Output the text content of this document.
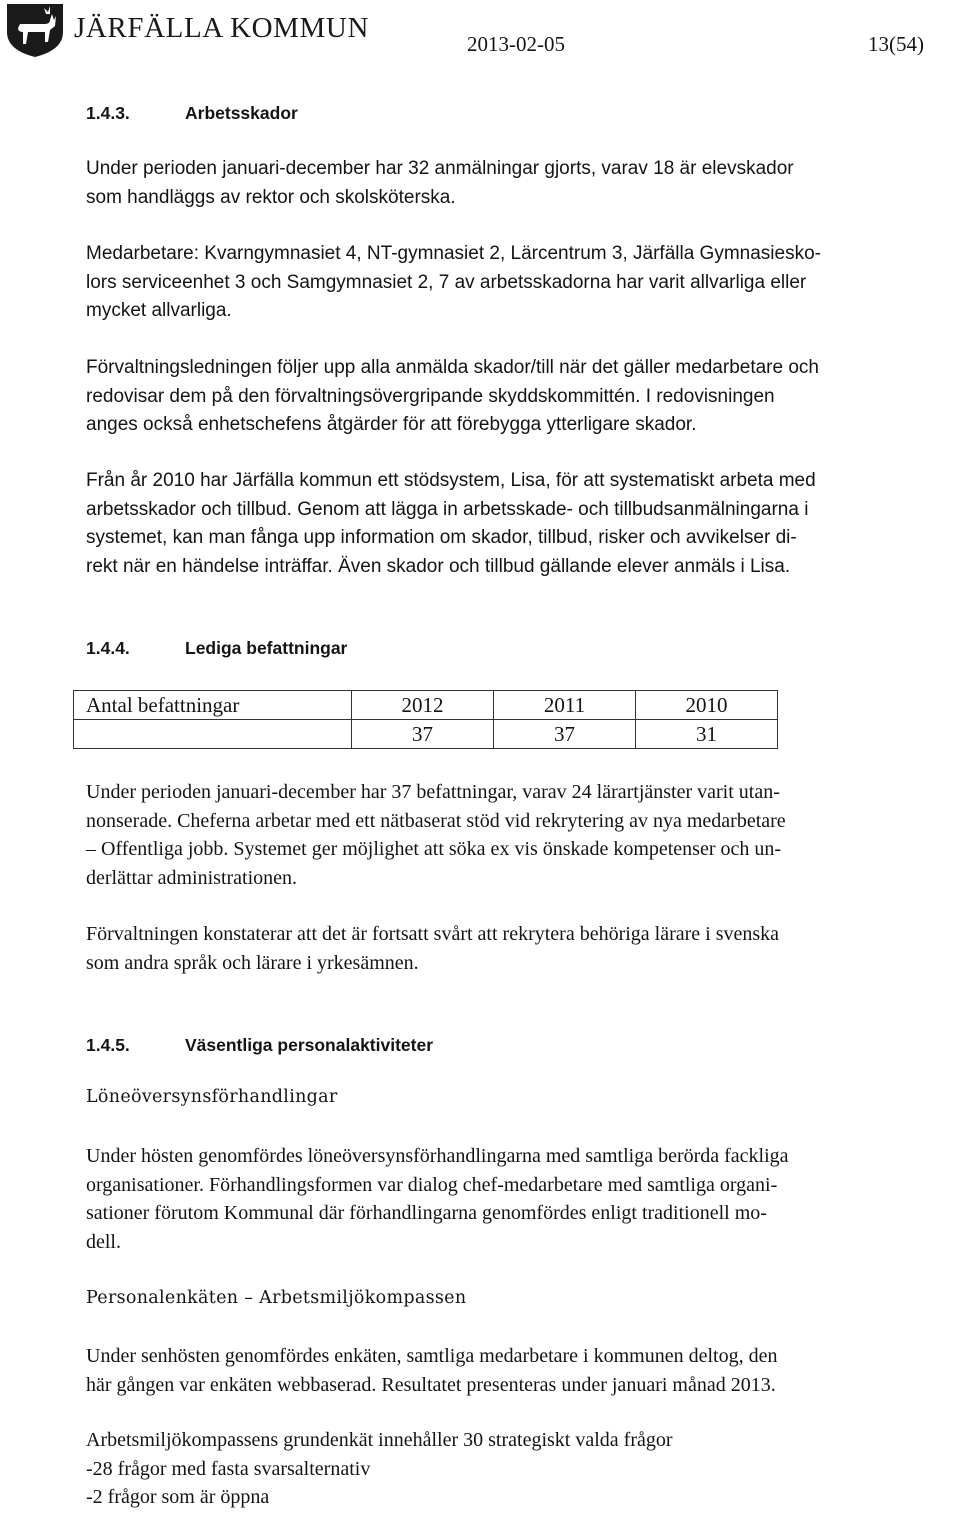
JÄRFÄLLA KOMMUN	2013-02-05	13(54)
1.4.3.	Arbetsskador
Under perioden januari-december har 32 anmälningar gjorts, varav 18 är elevskador
som handläggs av rektor och skolsköterska.
Medarbetare: Kvarngymnasiet 4, NT-gymnasiet 2, Lärcentrum 3, Järfälla Gymnasiesko-
lors serviceenhet 3 och Samgymnasiet 2, 7 av arbetsskadorna har varit allvarliga eller
mycket allvarliga.
Förvaltningsledningen följer upp alla anmälda skador/till när det gäller medarbetare och
redovisar dem på den förvaltningsövergripande skyddskommittén. I redovisningen
anges också enhetschefens åtgärder för att förebygga ytterligare skador.
Från år 2010 har Järfälla kommun ett stödsystem, Lisa, för att systematiskt arbeta med
arbetsskador och tillbud. Genom att lägga in arbetsskade- och tillbudsanmälningarna i
systemet, kan man fånga upp information om skador, tillbud, risker och avvikelser di-
rekt när en händelse inträffar. Även skador och tillbud gällande elever anmäls i Lisa.
1.4.4.	Lediga befattningar
Antal befattningar	2012	2011	2010
	37	37	31
Under perioden januari-december har 37 befattningar, varav 24 lärartjänster varit utan-
nonserade. Cheferna arbetar med ett nätbaserat stöd vid rekrytering av nya medarbetare
– Offentliga jobb. Systemet ger möjlighet att söka ex vis önskade kompetenser och un-
derlättar administrationen.
Förvaltningen konstaterar att det är fortsatt svårt att rekrytera behöriga lärare i svenska
som andra språk och lärare i yrkesämnen.
1.4.5.	Väsentliga personalaktiviteter
Löneöversynsförhandlingar
Under hösten genomfördes löneöversynsförhandlingarna med samtliga berörda fackliga
organisationer. Förhandlingsformen var dialog chef-medarbetare med samtliga organi-
sationer förutom Kommunal där förhandlingarna genomfördes enligt traditionell mo-
dell.
Personalenkäten – Arbetsmiljökompassen
Under senhösten genomfördes enkäten, samtliga medarbetare i kommunen deltog, den
här gången var enkäten webbaserad. Resultatet presenteras under januari månad 2013.
Arbetsmiljökompassens grundenkät innehåller 30 strategiskt valda frågor
-28 frågor med fasta svarsalternativ
-2 frågor som är öppna
